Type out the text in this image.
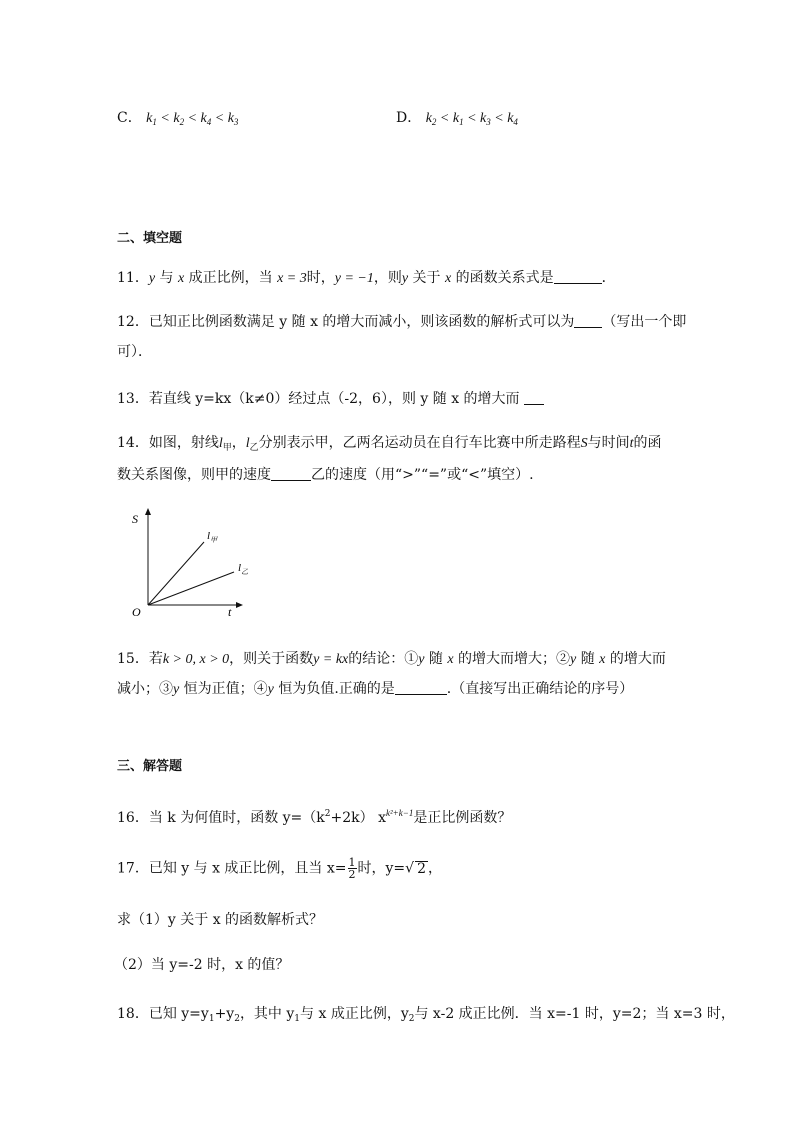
C． $k_1 < k_2 < k_4 < k_3$	D． $k_2 < k_1 < k_3 < k_4$
二、填空题
11．y 与 x 成正比例，当 x = 3时，y = −1，则y 关于 x 的函数关系式是	．
12．已知正比例函数满足 y 随 x 的增大而减小，则该函数的解析式可以为 （写出一个即
可）．
13．若直线 y=kx（k≠0）经过点（-2，6），则 y 随 x 的增大而
14．如图，射线$l_甲$，$l_乙$分别表示甲，乙两名运动员在自行车比赛中所走路程S与时间t的函
数关系图像，则甲的速度	乙的速度（用“>”“=”或“<”填空）.
S
t
O
$l_甲$
$l_乙$
15．若k > 0, x > 0，则关于函数y = kx的结论：①y 随 x 的增大而增大；②y 随 x 的增大而
减小；③y 恒为正值；④y 恒为负值.正确的是	.（直接写出正确结论的序号）
三、解答题
16．当 k 为何值时，函数 $y=(k^2+2k)$ $x^{k^2+k-1}$是正比例函数？
17．已知 y 与 x 成正比例，且当 $x= \frac{1}{2}$ 时，y=√ 2 ，
求（1）y 关于 x 的函数解析式？
（2）当 y=-2 时，x 的值？
18．已知 $y=y_1+y_2$，其中 $y_1$与 x 成正比例，$y_2$与 x-2 成正比例．当 x=-1 时，y=2；当 x=3 时，
